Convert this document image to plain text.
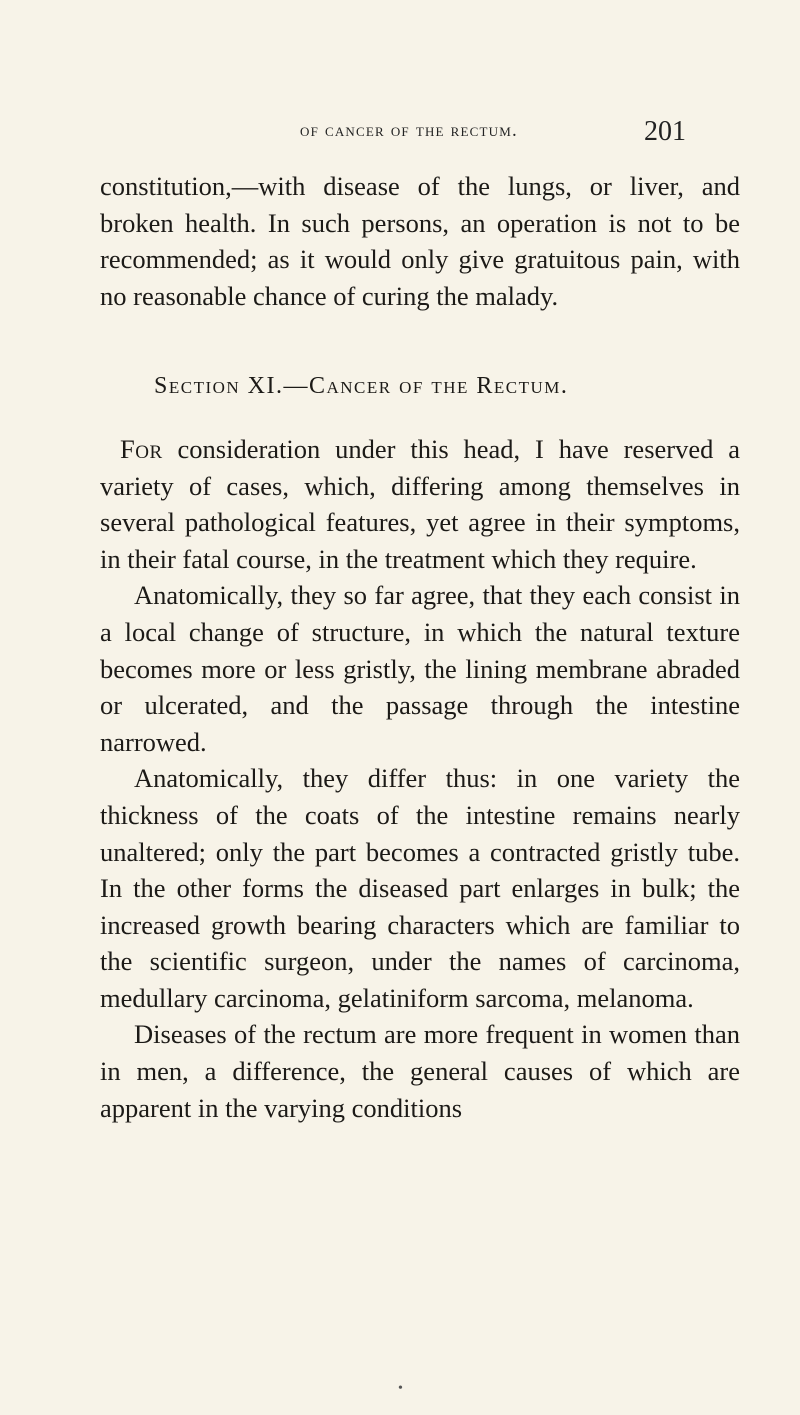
of cancer of the rectum.	201

constitution,—with disease of the lungs, or liver, and broken health. In such persons, an operation is not to be recommended; as it would only give gratuitous pain, with no reasonable chance of curing the malady.

Section XI.—Cancer of the Rectum.

For consideration under this head, I have reserved a variety of cases, which, differing among themselves in several pathological features, yet agree in their symptoms, in their fatal course, in the treatment which they require.

Anatomically, they so far agree, that they each consist in a local change of structure, in which the natural texture becomes more or less gristly, the lining membrane abraded or ulcerated, and the passage through the intestine narrowed.

Anatomically, they differ thus: in one variety the thickness of the coats of the intestine remains nearly unaltered; only the part becomes a contracted gristly tube. In the other forms the diseased part enlarges in bulk; the increased growth bearing characters which are familiar to the scientific surgeon, under the names of carcinoma, medullary carcinoma, gelatiniform sarcoma, melanoma.

Diseases of the rectum are more frequent in women than in men, a difference, the general causes of which are apparent in the varying conditions

•
